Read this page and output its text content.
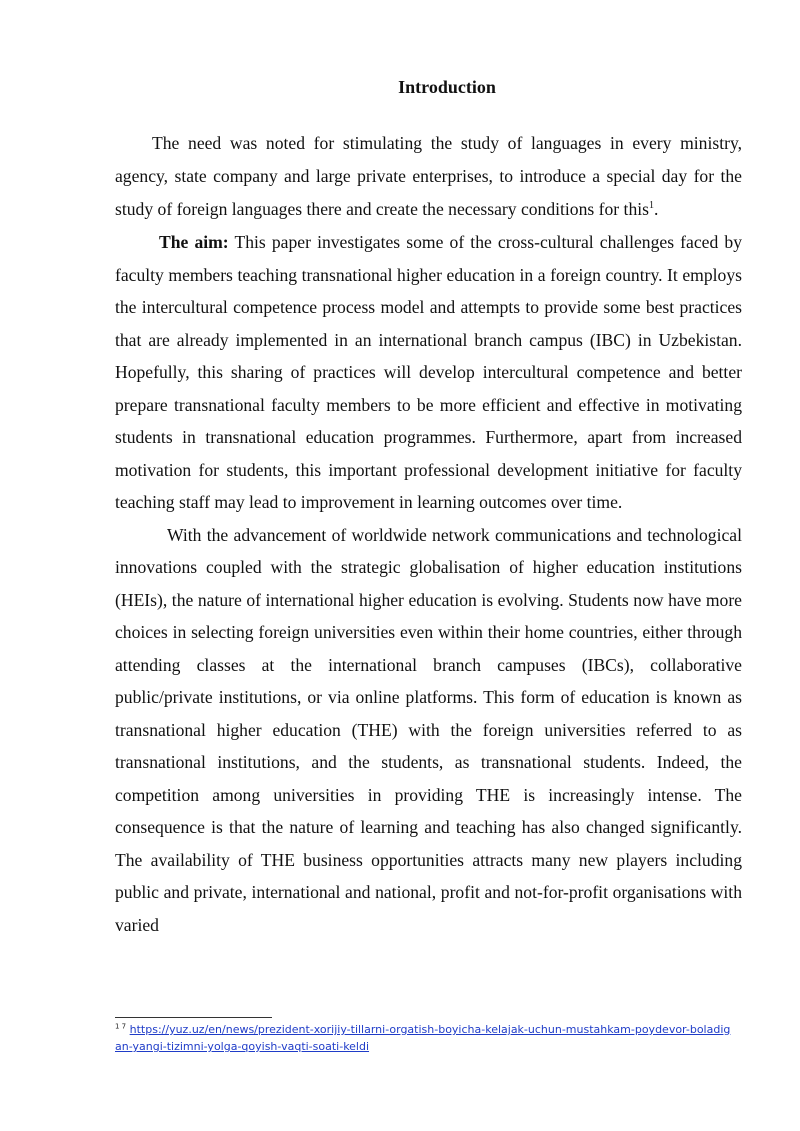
Introduction

The need was noted for stimulating the study of languages in every ministry, agency, state company and large private enterprises, to introduce a special day for the study of foreign languages there and create the necessary conditions for this$^1$.

The aim: This paper investigates some of the cross-cultural challenges faced by faculty members teaching transnational higher education in a foreign country. It employs the intercultural competence process model and attempts to provide some best practices that are already implemented in an international branch campus (IBC) in Uzbekistan. Hopefully, this sharing of practices will develop intercultural competence and better prepare transnational faculty members to be more efficient and effective in motivating students in transnational education programmes. Furthermore, apart from increased motivation for students, this important professional development initiative for faculty teaching staff may lead to improvement in learning outcomes over time.

With the advancement of worldwide network communications and technological innovations coupled with the strategic globalisation of higher education institutions (HEIs), the nature of international higher education is evolving. Students now have more choices in selecting foreign universities even within their home countries, either through attending classes at the international branch campuses (IBCs), collaborative public/private institutions, or via online platforms. This form of education is known as transnational higher education (THE) with the foreign universities referred to as transnational institutions, and the students, as transnational students. Indeed, the competition among universities in providing THE is increasingly intense. The consequence is that the nature of learning and teaching has also changed significantly. The availability of THE business opportunities attracts many new players including public and private, international and national, profit and not-for-profit organisations with varied

$^{1 7}$ https://yuz.uz/en/news/prezident-xorijiy-tillarni-orgatish-boyicha-kelajak-uchun-mustahkam-poydevor-boladigan-yangi-tizimni-yolga-qoyish-vaqti-soati-keldi
